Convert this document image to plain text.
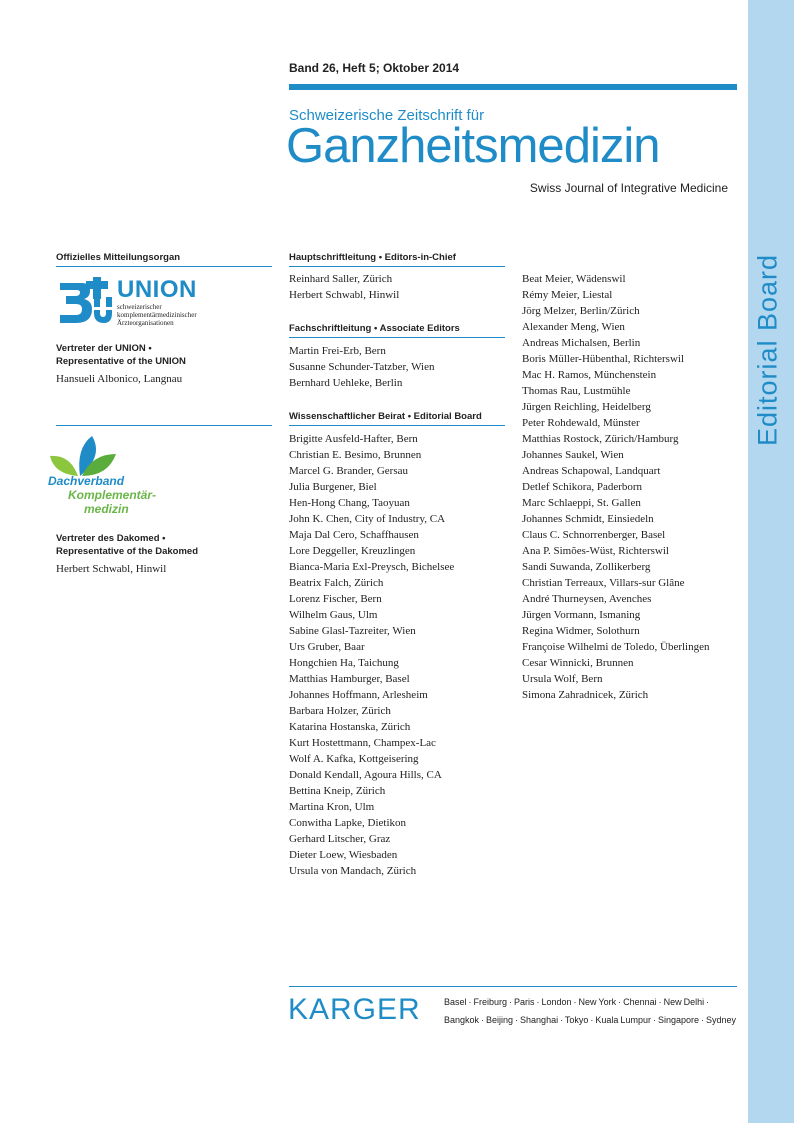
Editorial Board
Band 26, Heft 5; Oktober 2014
Schweizerische Zeitschrift für
Ganzheitsmedizin
Swiss Journal of Integrative Medicine
Offizielles Mitteilungsorgan
UNION
schweizerischer
komplementärmedizinischer
Ärzteorganisationen
Vertreter der UNION •
Representative of the UNION
Hansueli Albonico, Langnau
Dachverband
Komplementär-
medizin
Vertreter des Dakomed •
Representative of the Dakomed
Herbert Schwabl, Hinwil
Hauptschriftleitung • Editors-in-Chief
Reinhard Saller, Zürich
Herbert Schwabl, Hinwil
Fachschriftleitung • Associate Editors
Martin Frei-Erb, Bern
Susanne Schunder-Tatzber, Wien
Bernhard Uehleke, Berlin
Wissenschaftlicher Beirat • Editorial Board
Brigitte Ausfeld-Hafter, Bern
Christian E. Besimo, Brunnen
Marcel G. Brander, Gersau
Julia Burgener, Biel
Hen-Hong Chang, Taoyuan
John K. Chen, City of Industry, CA
Maja Dal Cero, Schaffhausen
Lore Deggeller, Kreuzlingen
Bianca-Maria Exl-Preysch, Bichelsee
Beatrix Falch, Zürich
Lorenz Fischer, Bern
Wilhelm Gaus, Ulm
Sabine Glasl-Tazreiter, Wien
Urs Gruber, Baar
Hongchien Ha, Taichung
Matthias Hamburger, Basel
Johannes Hoffmann, Arlesheim
Barbara Holzer, Zürich
Katarina Hostanska, Zürich
Kurt Hostettmann, Champex-Lac
Wolf A. Kafka, Kottgeisering
Donald Kendall, Agoura Hills, CA
Bettina Kneip, Zürich
Martina Kron, Ulm
Conwitha Lapke, Dietikon
Gerhard Litscher, Graz
Dieter Loew, Wiesbaden
Ursula von Mandach, Zürich
Beat Meier, Wädenswil
Rémy Meier, Liestal
Jörg Melzer, Berlin/Zürich
Alexander Meng, Wien
Andreas Michalsen, Berlin
Boris Müller-Hübenthal, Richterswil
Mac H. Ramos, Münchenstein
Thomas Rau, Lustmühle
Jürgen Reichling, Heidelberg
Peter Rohdewald, Münster
Matthias Rostock, Zürich/Hamburg
Johannes Saukel, Wien
Andreas Schapowal, Landquart
Detlef Schikora, Paderborn
Marc Schlaeppi, St. Gallen
Johannes Schmidt, Einsiedeln
Claus C. Schnorrenberger, Basel
Ana P. Simões-Wüst, Richterswil
Sandi Suwanda, Zollikerberg
Christian Terreaux, Villars-sur Glâne
André Thurneysen, Avenches
Jürgen Vormann, Ismaning
Regina Widmer, Solothurn
Françoise Wilhelmi de Toledo, Überlingen
Cesar Winnicki, Brunnen
Ursula Wolf, Bern
Simona Zahradnicek, Zürich
KARGER	Basel · Freiburg · Paris · London · New York · Chennai · New Delhi ·
Bangkok · Beijing · Shanghai · Tokyo · Kuala Lumpur · Singapore · Sydney
